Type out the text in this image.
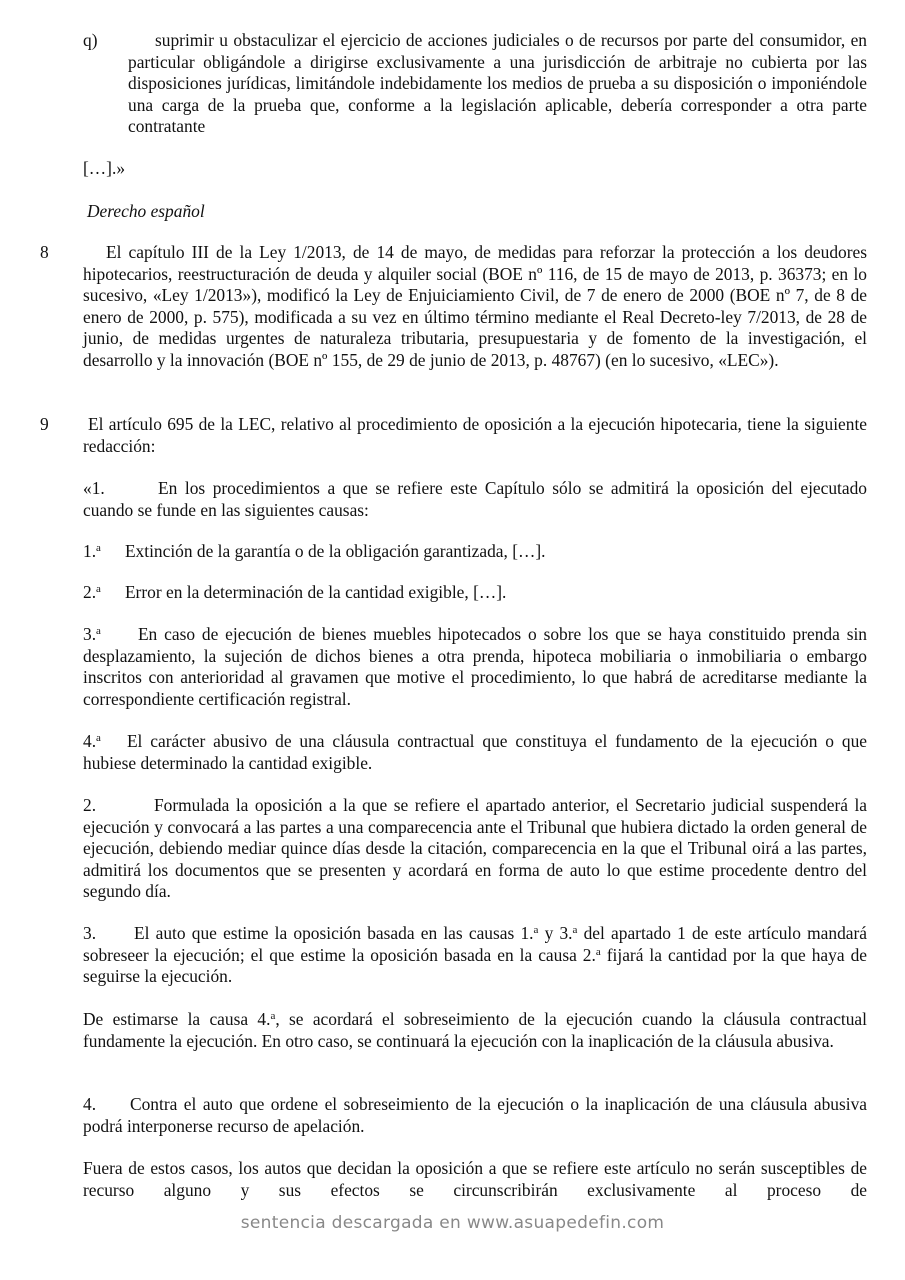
q)	suprimir u obstaculizar el ejercicio de acciones judiciales o de recursos por parte del consumidor, en particular obligándole a dirigirse exclusivamente a una jurisdicción de arbitraje no cubierta por las disposiciones jurídicas, limitándole indebidamente los medios de prueba a su disposición o imponiéndole una carga de la prueba que, conforme a la legislación aplicable, debería corresponder a otra parte contratante
[…].»
Derecho español
8	El capítulo III de la Ley 1/2013, de 14 de mayo, de medidas para reforzar la protección a los deudores hipotecarios, reestructuración de deuda y alquiler social (BOE nº 116, de 15 de mayo de 2013, p. 36373; en lo sucesivo, «Ley 1/2013»), modificó la Ley de Enjuiciamiento Civil, de 7 de enero de 2000 (BOE nº 7, de 8 de enero de 2000, p. 575), modificada a su vez en último término mediante el Real Decreto-ley 7/2013, de 28 de junio, de medidas urgentes de naturaleza tributaria, presupuestaria y de fomento de la investigación, el desarrollo y la innovación (BOE nº 155, de 29 de junio de 2013, p. 48767) (en lo sucesivo, «LEC»).
9 El artículo 695 de la LEC, relativo al procedimiento de oposición a la ejecución hipotecaria, tiene la siguiente redacción:
«1.	En los procedimientos a que se refiere este Capítulo sólo se admitirá la oposición del ejecutado cuando se funde en las siguientes causas:
1.$^a$ Extinción de la garantía o de la obligación garantizada, […].
2.$^a$ Error en la determinación de la cantidad exigible, […].
3.$^a$ En caso de ejecución de bienes muebles hipotecados o sobre los que se haya constituido prenda sin desplazamiento, la sujeción de dichos bienes a otra prenda, hipoteca mobiliaria o inmobiliaria o embargo inscritos con anterioridad al gravamen que motive el procedimiento, lo que habrá de acreditarse mediante la correspondiente certificación registral.
4.$^a$ El carácter abusivo de una cláusula contractual que constituya el fundamento de la ejecución o que hubiese determinado la cantidad exigible.
2.	Formulada la oposición a la que se refiere el apartado anterior, el Secretario judicial suspenderá la ejecución y convocará a las partes a una comparecencia ante el Tribunal que hubiera dictado la orden general de ejecución, debiendo mediar quince días desde la citación, comparecencia en la que el Tribunal oirá a las partes, admitirá los documentos que se presenten y acordará en forma de auto lo que estime procedente dentro del segundo día.
3. El auto que estime la oposición basada en las causas 1.$^a$ y 3.$^a$ del apartado 1 de este artículo mandará sobreseer la ejecución; el que estime la oposición basada en la causa 2.$^a$ fijará la cantidad por la que haya de seguirse la ejecución.
De estimarse la causa 4.$^a$, se acordará el sobreseimiento de la ejecución cuando la cláusula contractual fundamente la ejecución. En otro caso, se continuará la ejecución con la inaplicación de la cláusula abusiva.
4. Contra el auto que ordene el sobreseimiento de la ejecución o la inaplicación de una cláusula abusiva podrá interponerse recurso de apelación.
Fuera de estos casos, los autos que decidan la oposición a que se refiere este artículo no serán susceptibles de recurso alguno y sus efectos se circunscribirán exclusivamente al proceso de
sentencia descargada en www.asuapedefin.com
